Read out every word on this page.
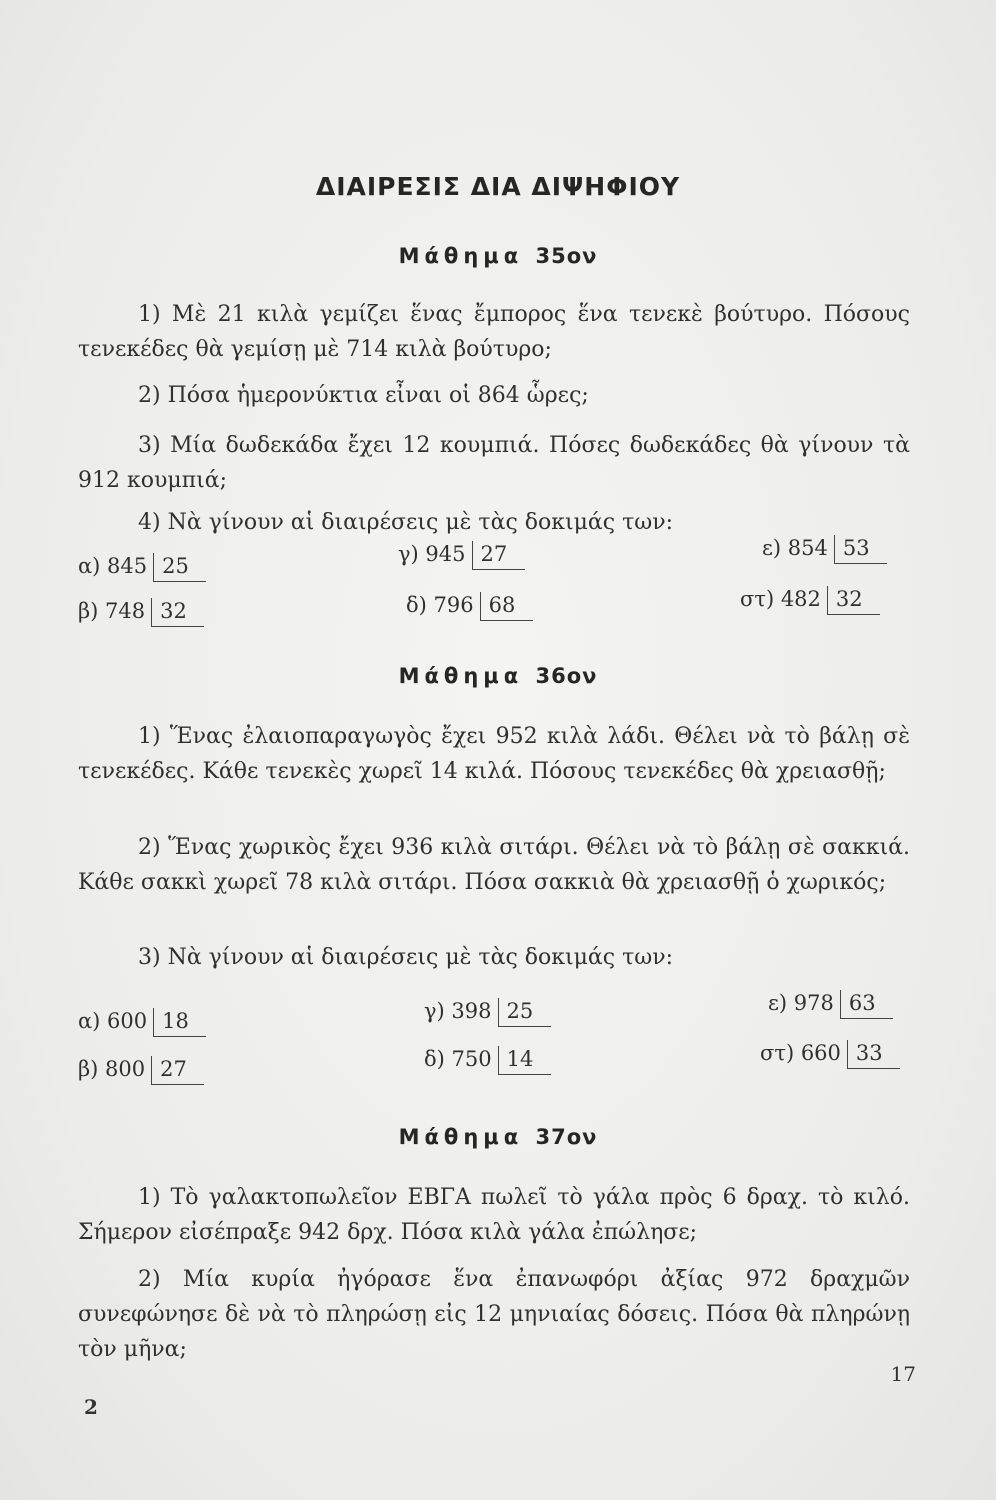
ΔΙΑΙΡΕΣΙΣ ΔΙΑ ΔΙΨΗΦΙΟΥ
Μάθημα 35ον
1) Μὲ 21 κιλὰ γεμίζει ἕνας ἔμπορος ἕνα τενεκὲ βούτυρο. Πόσους τενεκέδες θὰ γεμίσῃ μὲ 714 κιλὰ βούτυρο;
2) Πόσα ἡμερονύκτια εἶναι οἱ 864 ὧρες;
3) Μία δωδεκάδα ἔχει 12 κουμπιά. Πόσες δωδεκάδες θὰ γίνουν τὰ 912 κουμπιά;
4) Νὰ γίνουν αἱ διαιρέσεις μὲ τὰς δοκιμάς των:
α) 845 25	γ) 945 27	ε) 854 53
β) 748 32	δ) 796 68	στ) 482 32
Μάθημα 36ον
1) Ἕνας ἐλαιοπαραγωγὸς ἔχει 952 κιλὰ λάδι. Θέλει νὰ τὸ βάλῃ σὲ τενεκέδες. Κάθε τενεκὲς χωρεῖ 14 κιλά. Πόσους τενεκέδες θὰ χρειασθῇ;
2) Ἕνας χωρικὸς ἔχει 936 κιλὰ σιτάρι. Θέλει νὰ τὸ βάλῃ σὲ σακκιά. Κάθε σακκὶ χωρεῖ 78 κιλὰ σιτάρι. Πόσα σακκιὰ θὰ χρειασθῇ ὁ χωρικός;
3) Νὰ γίνουν αἱ διαιρέσεις μὲ τὰς δοκιμάς των:
α) 600 18	γ) 398 25	ε) 978 63
β) 800 27	δ) 750 14	στ) 660 33
Μάθημα 37ον
1) Τὸ γαλακτοπωλεῖον ΕΒΓΑ πωλεῖ τὸ γάλα πρὸς 6 δραχ. τὸ κιλό. Σήμερον εἰσέπραξε 942 δρχ. Πόσα κιλὰ γάλα ἐπώλησε;
2) Μία κυρία ἠγόρασε ἕνα ἐπανωφόρι ἀξίας 972 δραχμῶν συνεφώνησε δὲ νὰ τὸ πληρώσῃ εἰς 12 μηνιαίας δόσεις. Πόσα θὰ πληρώνῃ τὸν μῆνα;
17
2
